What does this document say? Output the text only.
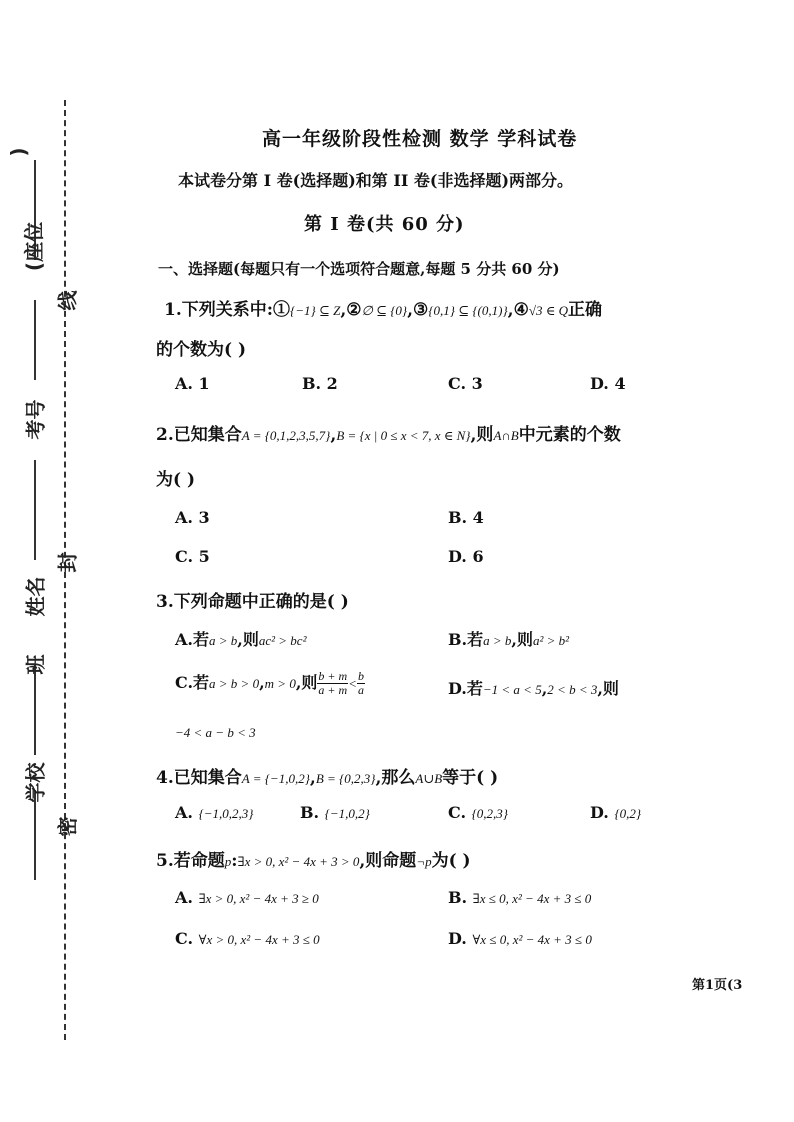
)
(座位
线
考号
封
姓名
班
学校
密
高一年级阶段性检测 数学 学科试卷
本试卷分第 I 卷(选择题)和第 II 卷(非选择题)两部分。
第 I 卷(共 60 分)
一、选择题(每题只有一个选项符合题意,每题 5 分共 60 分)
1.下列关系中:①{−1} ⊆ Z,②∅ ⊆ {0},③{0,1} ⊆ {(0,1)},④√3 ∈ Q正确
的个数为( )
A. 1	B. 2	C. 3	D. 4
2.已知集合A = {0,1,2,3,5,7},B = {x | 0 ≤ x < 7, x ∈ N},则A∩B中元素的个数
为( )
A. 3	B. 4
C. 5	D. 6
3.下列命题中正确的是( )
A.若a > b,则ac² > bc²	B.若a > b,则a² > b²
C.若a > b > 0,m > 0,则 $\frac{b + m}{a + m} < \frac{b}{a}$	D.若−1 < a < 5,2 < b < 3,则
−4 < a − b < 3
4.已知集合A = {−1,0,2},B = {0,2,3},那么A∪B等于( )
A. {−1,0,2,3}	B. {−1,0,2}	C. {0,2,3}	D. {0,2}
5.若命题p:∃x > 0, x² − 4x + 3 > 0,则命题¬p为( )
A. ∃x > 0, x² − 4x + 3 ≥ 0	B. ∃x ≤ 0, x² − 4x + 3 ≤ 0
C. ∀x > 0, x² − 4x + 3 ≤ 0	D. ∀x ≤ 0, x² − 4x + 3 ≤ 0
第1页(3
